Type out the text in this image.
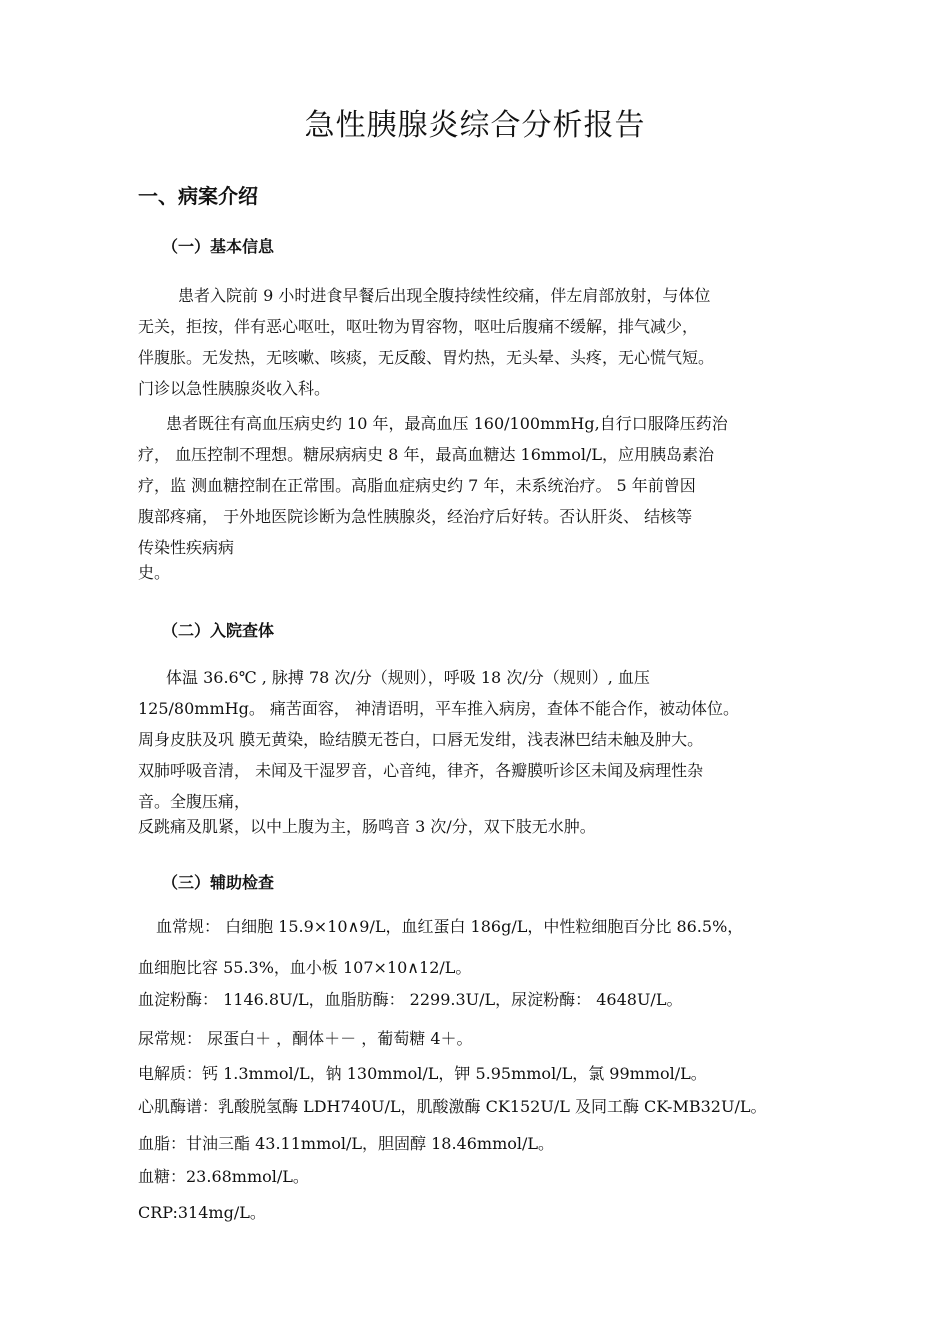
急性胰腺炎综合分析报告
一、病案介绍
（一）基本信息
患者入院前 9 小时进食早餐后出现全腹持续性绞痛，伴左肩部放射，与体位
无关，拒按，伴有恶心呕吐，呕吐物为胃容物，呕吐后腹痛不缓解，排气减少，
伴腹胀。无发热，无咳嗽、咳痰，无反酸、胃灼热，无头晕、头疼，无心慌气短。
门诊以急性胰腺炎收入科。
患者既往有高血压病史约 10 年，最高血压 160/100mmHg,自行口服降压药治
疗， 血压控制不理想。糖尿病病史 8 年，最高血糖达 16mmol/L，应用胰岛素治
疗，监 测血糖控制在正常围。高脂血症病史约 7 年，未系统治疗。 5 年前曾因
腹部疼痛， 于外地医院诊断为急性胰腺炎，经治疗后好转。否认肝炎、 结核等
传染性疾病病
史。
（二）入院查体
体温 36.6℃ , 脉搏 78 次/分（规则），呼吸 18 次/分（规则）, 血压
125/80mmHg。 痛苦面容， 神清语明，平车推入病房，查体不能合作，被动体位。
周身皮肤及巩 膜无黄染，睑结膜无苍白，口唇无发绀，浅表淋巴结未触及肿大。
双肺呼吸音清， 未闻及干湿罗音，心音纯，律齐，各瓣膜听诊区未闻及病理性杂
音。全腹压痛，
反跳痛及肌紧，以中上腹为主，肠鸣音 3 次/分，双下肢无水肿。
（三）辅助检查
血常规： 白细胞 15.9×10∧9/L，血红蛋白 186g/L，中性粒细胞百分比 86.5%，
血细胞比容 55.3%，血小板 107×10∧12/L。
血淀粉酶： 1146.8U/L，血脂肪酶： 2299.3U/L，尿淀粉酶： 4648U/L。
尿常规： 尿蛋白＋ ，酮体＋－ ，葡萄糖 4＋。
电解质：钙 1.3mmol/L，钠 130mmol/L，钾 5.95mmol/L，氯 99mmol/L。
心肌酶谱：乳酸脱氢酶 LDH740U/L，肌酸激酶 CK152U/L 及同工酶 CK-MB32U/L。
血脂：甘油三酯 43.11mmol/L，胆固醇 18.46mmol/L。
血糖：23.68mmol/L。
CRP:314mg/L。
